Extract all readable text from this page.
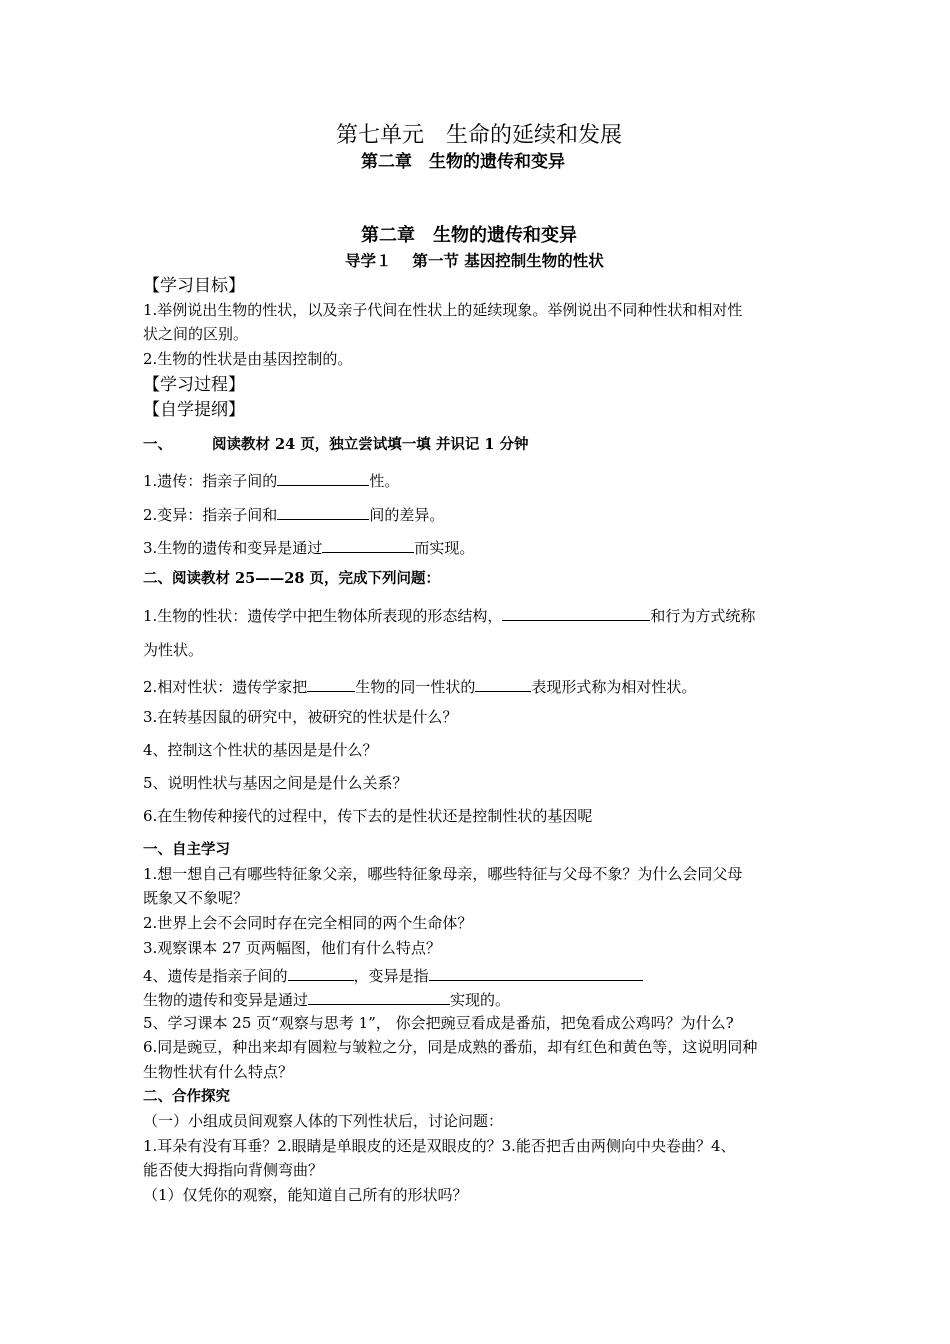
第七单元　生命的延续和发展
第二章　生物的遗传和变异
第二章　生物的遗传和变异
导学１　 第一节 基因控制生物的性状
【学习目标】
1.举例说出生物的性状，以及亲子代间在性状上的延续现象。举例说出不同种性状和相对性
状之间的区别。
2.生物的性状是由基因控制的。
【学习过程】
【自学提纲】
一、	阅读教材 24 页，独立尝试填一填 并识记 1 分钟
1.遗传：指亲子间的	性。
2.变异：指亲子间和	间的差异。
3.生物的遗传和变异是通过	而实现。
二、阅读教材 25——28 页，完成下列问题：
1.生物的性状：遗传学中把生物体所表现的形态结构，	和行为方式统称
为性状。
2.相对性状：遗传学家把	生物的同一性状的	表现形式称为相对性状。
3.在转基因鼠的研究中，被研究的性状是什么？
4、控制这个性状的基因是是什么？
5、说明性状与基因之间是是什么关系？
6.在生物传种接代的过程中，传下去的是性状还是控制性状的基因呢
一、自主学习
1.想一想自己有哪些特征象父亲，哪些特征象母亲，哪些特征与父母不象？为什么会同父母
既象又不象呢？
2.世界上会不会同时存在完全相同的两个生命体？
3.观察课本 27 页两幅图，他们有什么特点？
4、遗传是指亲子间的	，变异是指
生物的遗传和变异是通过	实现的。
5、学习课本 25 页“观察与思考 1”， 你会把豌豆看成是番茄，把兔看成公鸡吗？为什么?
6.同是豌豆，种出来却有圆粒与皱粒之分，同是成熟的番茄，却有红色和黄色等，这说明同种
生物性状有什么特点？
二、合作探究
（一）小组成员间观察人体的下列性状后，讨论问题：
1.耳朵有没有耳垂？2.眼睛是单眼皮的还是双眼皮的？3.能否把舌由两侧向中央卷曲？4、
能否使大拇指向背侧弯曲？
（1）仅凭你的观察，能知道自己所有的形状吗？
